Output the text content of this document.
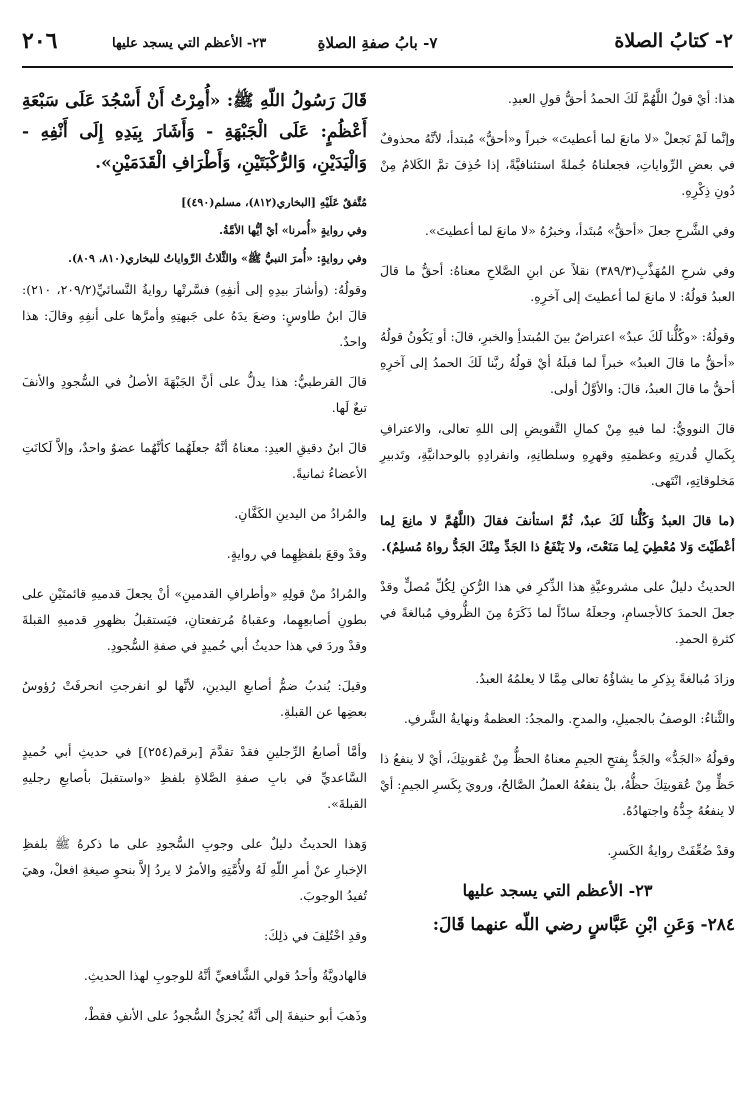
٢- كتابُ الصلاة
٧- بابُ صفةِ الصلاةِ
٢٣- الأعظم التي يسجد عليها
٢٠٦

هذا: أيْ قولُ اللَّهُمَّ لَكَ الحمدُ أحقُّ قولِ العبدِ.

وإنَّما لَمْ نَجعلْ «لا مانعَ لما أعطيتَ» خبراً و«أحقُّ» مُبتدأ، لأنَّهُ محذوفٌ في بعضِ الرِّواياتِ، فجعلناهُ جُملةً استئنافيَّةً، إذا حُذِفَ تمَّ الكَلامُ مِنْ دُونِ ذِكْرِهِ.

وفي الشَّرحِ جعلَ «أحقُّ» مُبتَدأ، وخبرُهُ «لا مانعَ لما أعطيتَ».

وفي شرحِ المُهَذَّبِ(٣٨٩/٣) نقلاً عن ابنِ الصَّلاحِ معناهُ: أحقُّ ما قالَ العبدُ قولُهُ: لا مانعَ لما أعطيتَ إلى آخرِهِ.

وقولُهُ: «وكُلُّنا لَكَ عبدٌ» اعتراضٌ بينَ المُبتدأِ والخبرِ، قالَ: أو يَكُونُ قولُهُ «أحقُّ ما قالَ العبدُ» خبراً لما قبلَهُ أيْ قولُهُ ربَّنا لَكَ الحمدُ إلى آخرِهِ أحقُّ ما قالَ العبدُ، قالَ: والأوَّلُ أولى.

قالَ النوويُّ: لما فيهِ مِنْ كمالِ التَّفويضِ إلى اللهِ تعالى، والاعترافِ بِكَمالِ قُدرتِهِ وعظمتِهِ وقهرِهِ وسلطانِهِ، وانفرادِهِ بالوحدانيَّةِ، وتَدبيرِ مَخلوقاتِهِ، انْتَهى.

(ما قالَ العبدُ وَكُلُّنا لَكَ عبدٌ، ثُمَّ استأنفَ فقالَ (اللَّهُمَّ لا مانِعَ لِما أعْطَيْتَ وَلا مُعْطِيَ لِما مَنَعْتَ، ولا يَنْفَعُ ذا الجَدِّ مِنْكَ الجَدُّ رواهُ مُسلِمٌ).

الحديثُ دليلٌ على مشروعيَّةِ هذا الذِّكرِ في هذا الرُّكنِ لِكُلِّ مُصلٍّ وقدْ جعلَ الحمدَ كالأجسامِ، وجعلَهُ سادّاً لما ذَكَرَهُ مِنَ الظُّروفِ مُبالغةً في كثرةِ الحمدِ.

وزادَ مُبالغةً بِذِكرِ ما يشاؤُهُ تعالى مِمَّا لا يعلمُهُ العبدُ.

والثَّناءُ: الوصفُ بالجميلِ، والمدحِ. والمجدُ: العظمةُ ونهايةُ الشَّرفِ.

وقولُهُ «الجَدُّ» والجَدُّ بِفتحِ الجيمِ معناهُ الحظُّ مِنْ عُقوبتِكَ، أيْ لا ينفعُ ذا حَظٍّ مِنْ عُقوبتِكَ حظُّهُ، بلْ ينفعُهُ العملُ الصَّالحُ، ورويَ بِكَسرِ الجيمِ: أيْ لا ينفعُهُ جِدُّهُ واجتهادُهُ.

وقدْ ضُعِّفَتْ روايةُ الكَسرِ.

٢٣- الأعظم التي يسجد عليها

٢٨٤- وَعَنِ ابْنِ عَبَّاسٍ رضي اللّه عنهما قَالَ:

قَالَ رَسُولُ اللّهِ ﷺ: «أُمِرْتُ أَنْ أَسْجُدَ عَلَى سَبْعَةِ أَعْظُمٍ: عَلَى الْجَبْهَةِ - وَأَشَارَ بِيَدِهِ إِلَى أَنْفِهِ - وَالْيَدَيْنِ، وَالرُّكْبَتَيْنِ، وَأَطْرَافِ الْقَدَمَيْنِ».

مُتَّفقٌ عَلَيْهِ [البخاري(٨١٢)، مسلم(٤٩٠)]

وفي روايةٍ «أُمرنا» أيْ أيُّها الأمَّةُ.

وفي روايةٍ: «أُمرَ النبيُّ ﷺ» والثَّلاثُ الرِّواياتُ للبخاري(٨١٠، ٨٠٩).

وقولُهُ: (وأشارَ بيدِهِ إلى أنفِهِ) فسَّرتْها روايةُ النَّسائيِّ(٢٠٩/٢، ٢١٠): قالَ ابنُ طاوسٍ: وضعَ يدَهُ على جَبهتِهِ وأمرَّها على أنفِهِ وقالَ: هذا واحدٌ.

قالَ القرطبيُّ: هذا يدلُّ على أنَّ الجَبْهَةَ الأصلُ في السُّجودِ والأنفَ تبعٌ لَها.

قالَ ابنُ دقيقِ العيدِ: معناهُ أنَّهُ جعلَهُما كأنَّهُما عضوٌ واحدٌ، وإلاَّ لَكانَتِ الأعضاءُ ثمانيةً.

والمُرادُ من اليدينِ الكَفَّانِ.

وقدْ وقعَ بلفظِهِما في روايةٍ.

والمُرادُ منْ قولِهِ «وأطرافِ القدمينِ» أنْ يجعلَ قدميهِ قائمتَيْنِ على بطونِ أصابعِهِما، وعقباهُ مُرتفعتانِ، فيَستقبلُ بظهورِ قدميهِ القبلةَ وقدْ وردَ في هذا حديثُ أبي حُميدٍ في صفةِ السُّجودِ.

وقيلَ: يُندبُ ضمُّ أصابعِ اليدينِ، لأنَّها لو انفرجتِ انحرفَتْ رُؤوسُ بعضِها عن القبلةِ.

وأمَّا أصابعُ الرِّجلينِ فقدْ تقدَّمَ [برقم(٢٥٤)] في حديثِ أبي حُميدٍ السَّاعديِّ في بابِ صفةِ الصَّلاةِ بلفظِ «واستقبلَ بأصابعِ رجليهِ القبلةَ».

وَهذا الحديثُ دليلٌ على وجوبِ السُّجودِ على ما ذكرهُ ﷺ بلفظِ الإخبارِ عنْ أمرِ اللّهِ لَهُ ولأُمَّتِهِ والأمرُ لا يردُ إلاَّ بنحوِ صيغةِ افعلْ، وهيَ تُفيدُ الوجوبَ.

وقدِ اخْتُلِفَ في ذلِكَ:

فالهادويَّةُ وأحدُ قولي الشَّافعيِّ أنَّهُ للوجوبِ لهذا الحديثِ.

وذَهبَ أبو حنيفةَ إلى أنَّهُ يُجزئُ السُّجودُ على الأنفِ فقطْ،
